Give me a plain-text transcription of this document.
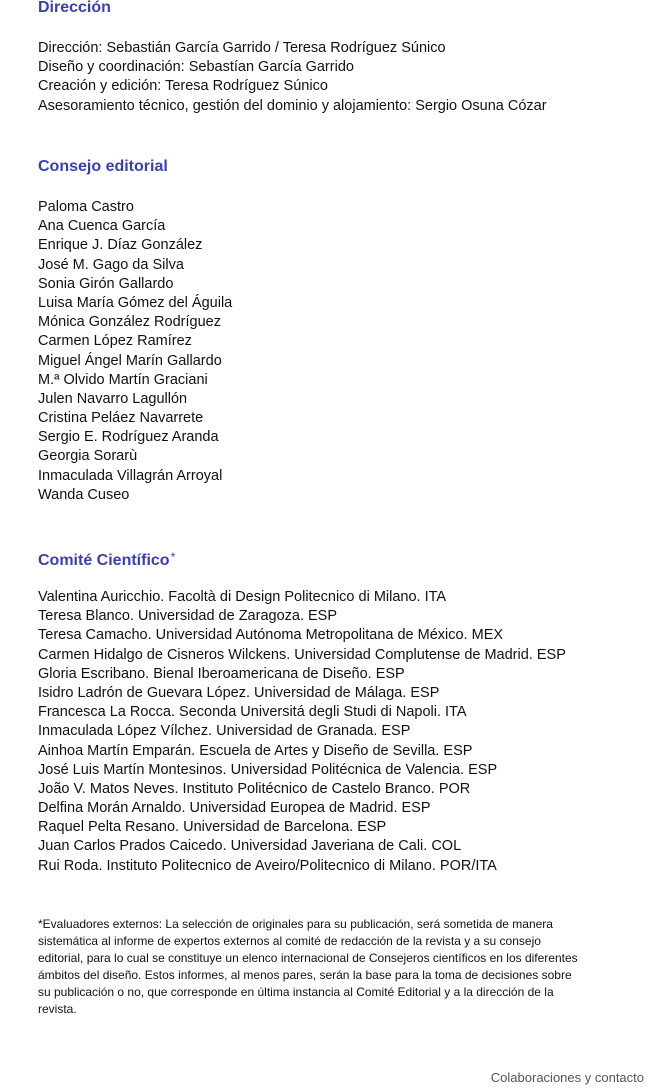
Dirección
Dirección: Sebastián García Garrido / Teresa Rodríguez Súnico
Diseño y coordinación: Sebastían García Garrido
Creación y edición: Teresa Rodríguez Súnico
Asesoramiento técnico, gestión del dominio y alojamiento: Sergio Osuna Cózar
Consejo editorial
Paloma Castro
Ana Cuenca García
Enrique J. Díaz González
José M. Gago da Silva
Sonia Girón Gallardo
Luisa María Gómez del Águila
Mónica González Rodríguez
Carmen López Ramírez
Miguel Ángel Marín Gallardo
M.ª Olvido Martín Graciani
Julen Navarro Lagullón
Cristina Peláez Navarrete
Sergio E. Rodríguez Aranda
Georgia Sorarù
Inmaculada Villagrán Arroyal
Wanda Cuseo
Comité Científico*
Valentina Auricchio. Facoltà di Design Politecnico di Milano. ITA
Teresa Blanco. Universidad de Zaragoza. ESP
Teresa Camacho. Universidad Autónoma Metropolitana de México. MEX
Carmen Hidalgo de Cisneros Wilckens. Universidad Complutense de Madrid. ESP
Gloria Escribano. Bienal Iberoamericana de Diseño. ESP
Isidro Ladrón de Guevara López. Universidad de Málaga. ESP
Francesca La Rocca. Seconda Universitá degli Studi di Napoli. ITA
Inmaculada López Vílchez. Universidad de Granada. ESP
Ainhoa Martín Emparán. Escuela de Artes y Diseño de Sevilla. ESP
José Luis Martín Montesinos. Universidad Politécnica de Valencia. ESP
João V. Matos Neves. Instituto Politécnico de Castelo Branco. POR
Delfina Morán Arnaldo. Universidad Europea de Madrid. ESP
Raquel Pelta Resano. Universidad de Barcelona. ESP
Juan Carlos Prados Caicedo. Universidad Javeriana de Cali. COL
Rui Roda. Instituto Politecnico de Aveiro/Politecnico di Milano. POR/ITA

*Evaluadores externos: La selección de originales para su publicación, será sometida de manera sistemática al informe de expertos externos al comité de redacción de la revista y a su consejo editorial, para lo cual se constituye un elenco internacional de Consejeros científicos en los diferentes ámbitos del diseño. Estos informes, al menos pares, serán la base para la toma de decisiones sobre su publicación o no, que corresponde en última instancia al Comité Editorial y a la dirección de la revista.

Colaboraciones y contacto
